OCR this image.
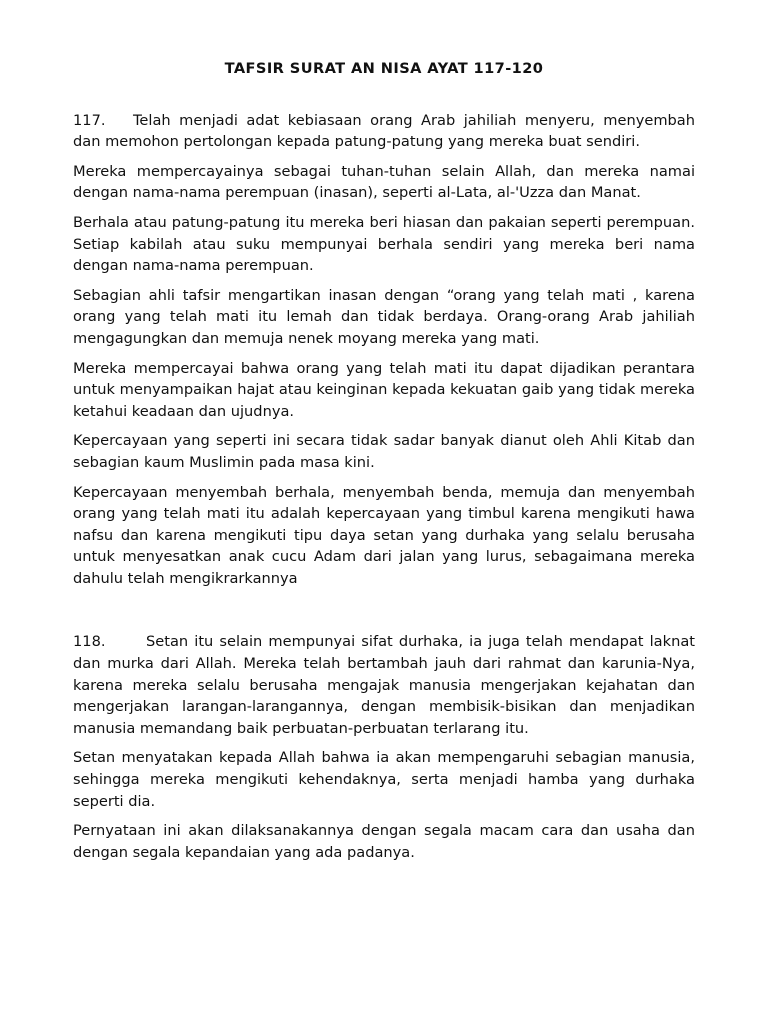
TAFSIR SURAT AN NISA AYAT 117-120

117. Telah menjadi adat kebiasaan orang Arab jahiliah menyeru, menyembah dan memohon pertolongan kepada patung-patung yang mereka buat sendiri.

Mereka mempercayainya sebagai tuhan-tuhan selain Allah, dan mereka namai dengan nama-nama perempuan (inasan), seperti al-Lata, al-'Uzza dan Manat.

Berhala atau patung-patung itu mereka beri hiasan dan pakaian seperti perempuan. Setiap kabilah atau suku mempunyai berhala sendiri yang mereka beri nama dengan nama-nama perempuan.

Sebagian ahli tafsir mengartikan inasan dengan “orang yang telah mati , karena orang yang telah mati itu lemah dan tidak berdaya. Orang-orang Arab jahiliah mengagungkan dan memuja nenek moyang mereka yang mati.

Mereka mempercayai bahwa orang yang telah mati itu dapat dijadikan perantara untuk menyampaikan hajat atau keinginan kepada kekuatan gaib yang tidak mereka ketahui keadaan dan ujudnya.

Kepercayaan yang seperti ini secara tidak sadar banyak dianut oleh Ahli Kitab dan sebagian kaum Muslimin pada masa kini.

Kepercayaan menyembah berhala, menyembah benda, memuja dan menyembah orang yang telah mati itu adalah kepercayaan yang timbul karena mengikuti hawa nafsu dan karena mengikuti tipu daya setan yang durhaka yang selalu berusaha untuk menyesatkan anak cucu Adam dari jalan yang lurus, sebagaimana mereka dahulu telah mengikrarkannya

118.	Setan itu selain mempunyai sifat durhaka, ia juga telah mendapat laknat dan murka dari Allah. Mereka telah bertambah jauh dari rahmat dan karunia-Nya, karena mereka selalu berusaha mengajak manusia mengerjakan kejahatan dan mengerjakan larangan-larangannya, dengan membisik-bisikan dan menjadikan manusia memandang baik perbuatan-perbuatan terlarang itu.

Setan menyatakan kepada Allah bahwa ia akan mempengaruhi sebagian manusia, sehingga mereka mengikuti kehendaknya, serta menjadi hamba yang durhaka seperti dia.

Pernyataan ini akan dilaksanakannya dengan segala macam cara dan usaha dan dengan segala kepandaian yang ada padanya.
